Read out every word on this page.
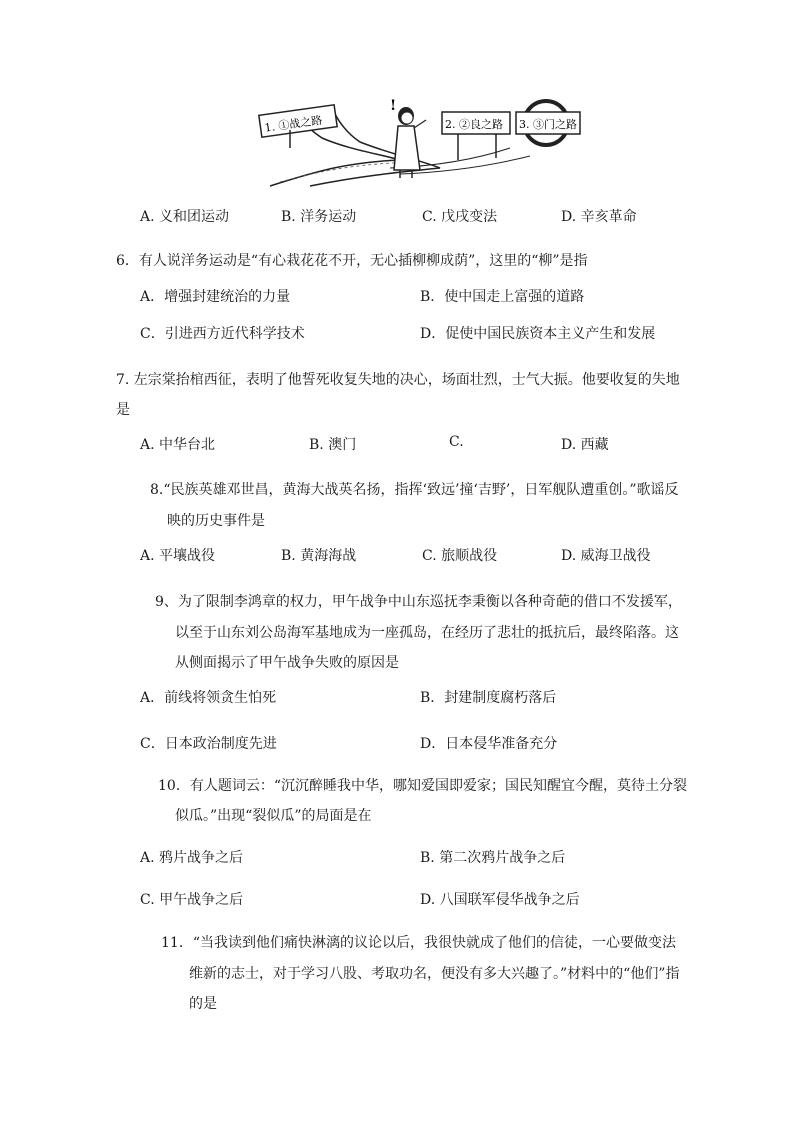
1. ①战之路
!
2. ②良之路 3. ③门之路
A. 义和团运动	B. 洋务运动	C. 戊戌变法	D. 辛亥革命
6．有人说洋务运动是“有心栽花花不开，无心插柳柳成荫”，这里的“柳”是指
A．增强封建统治的力量	B．使中国走上富强的道路
C．引进西方近代科学技术	D．促使中国民族资本主义产生和发展
7. 左宗棠抬棺西征，表明了他誓死收复失地的决心，场面壮烈，士气大振。他要收复的失地
是
A. 中华台北	B. 澳门	C.	D. 西藏
8.“民族英雄邓世昌，黄海大战英名扬，指挥‘致远’撞‘吉野’，日军舰队遭重创。”歌谣反
映的历史事件是
A. 平壤战役	B. 黄海海战	C. 旅顺战役	D. 威海卫战役
9、为了限制李鸿章的权力，甲午战争中山东巡抚李秉衡以各种奇葩的借口不发援军，
以至于山东刘公岛海军基地成为一座孤岛，在经历了悲壮的抵抗后，最终陷落。这
从侧面揭示了甲午战争失败的原因是
A．前线将领贪生怕死	B．封建制度腐朽落后
C．日本政治制度先进	D．日本侵华准备充分
10．有人题词云：“沉沉醉睡我中华，哪知爱国即爱家；国民知醒宜今醒，莫待土分裂
似瓜。”出现“裂似瓜”的局面是在
A. 鸦片战争之后	B. 第二次鸦片战争之后
C. 甲午战争之后	D. 八国联军侵华战争之后
11．“当我读到他们痛快淋漓的议论以后，我很快就成了他们的信徒，一心要做变法
维新的志士，对于学习八股、考取功名，便没有多大兴趣了。”材料中的“他们”指
的是
